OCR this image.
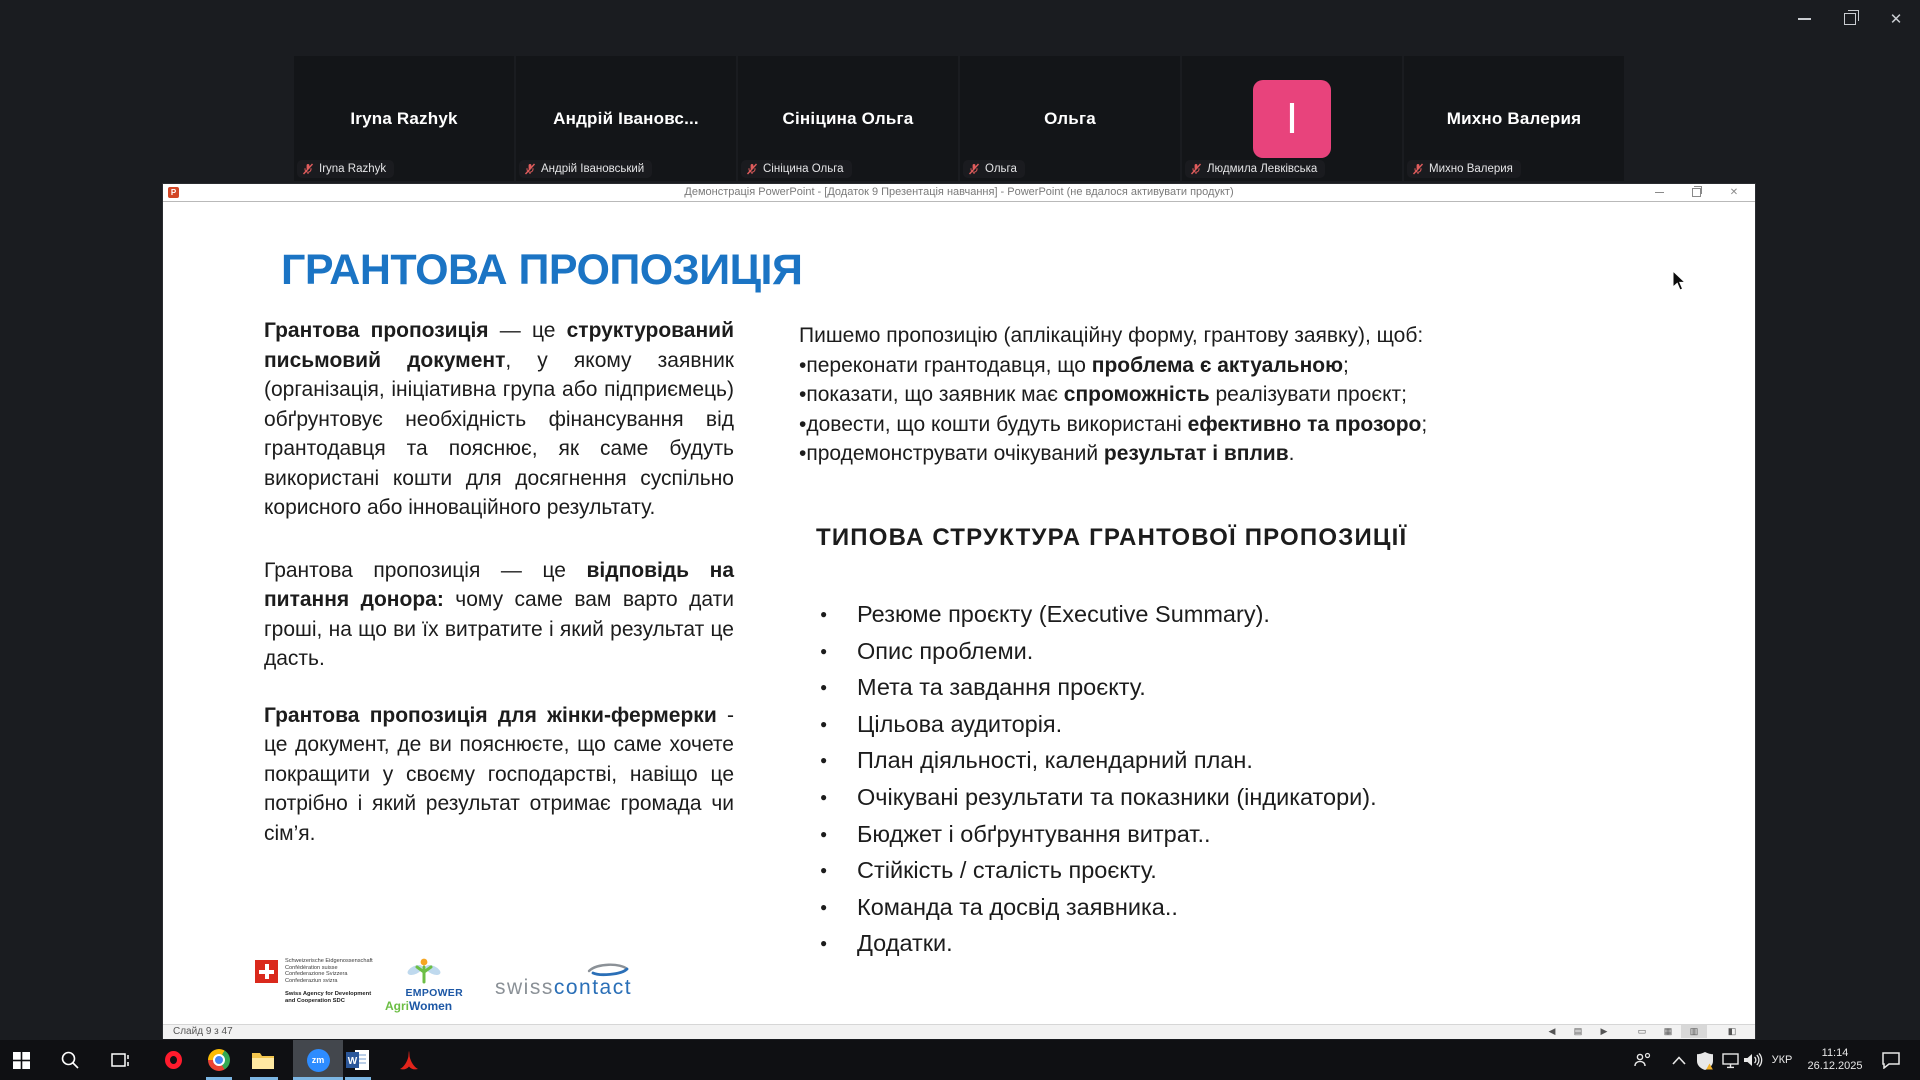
✕
Iryna Razhyk
Iryna Razhyk
Андрій Івановс...
Андрій Івановський
Сініцина Ольга
Сініцина Ольга
Ольга
Ольга
I
Людмила Левківська
Михно Валерия
Михно Валерия
P	Демонстрація PowerPoint - [Додаток 9 Презентація навчання] - PowerPoint (не вдалося активувати продукт)	✕
ГРАНТОВА ПРОПОЗИЦІЯ

Грантова пропозиція — це структурований письмовий документ, у якому заявник (організація, ініціативна група або підприємець) обґрунтовує необхідність фінансування від грантодавця та пояснює, як саме будуть використані кошти для досягнення суспільно корисного або інноваційного результату.

Грантова пропозиція — це відповідь на питання донора: чому саме вам варто дати гроші, на що ви їх витратите і який результат це дасть.

Грантова пропозиція для жінки-фермерки - це документ, де ви пояснюєте, що саме хочете покращити у своєму господарстві, навіщо це потрібно і який результат отримає громада чи сім’я.

Пишемо пропозицію (аплікаційну форму, грантову заявку), щоб:
•переконати грантодавця, що проблема є актуальною;
•показати, що заявник має спроможність реалізувати проєкт;
•довести, що кошти будуть використані ефективно та прозоро;
•продемонструвати очікуваний результат і вплив.
ТИПОВА СТРУКТУРА ГРАНТОВОЇ ПРОПОЗИЦІЇ
● Резюме проєкту (Executive Summary).
● Опис проблеми.
● Мета та завдання проєкту.
● Цільова аудиторія.
● План діяльності, календарний план.
● Очікувані результати та показники (індикатори).
● Бюджет і обґрунтування витрат..
● Стійкість / сталість проєкту.
● Команда та досвід заявника..
● Додатки.
Schweizerische Eidgenossenschaft
Confédération suisse
Confederazione Svizzera
Confederaziun svizra
Swiss Agency for Development
and Cooperation SDC
EMPOWER
AgriWomen
swisscontact
Слайд 9 з 47	◀	▤	▶	▭	▦	▥	◧
zm	W	УКР
11:14
26.12.2025
